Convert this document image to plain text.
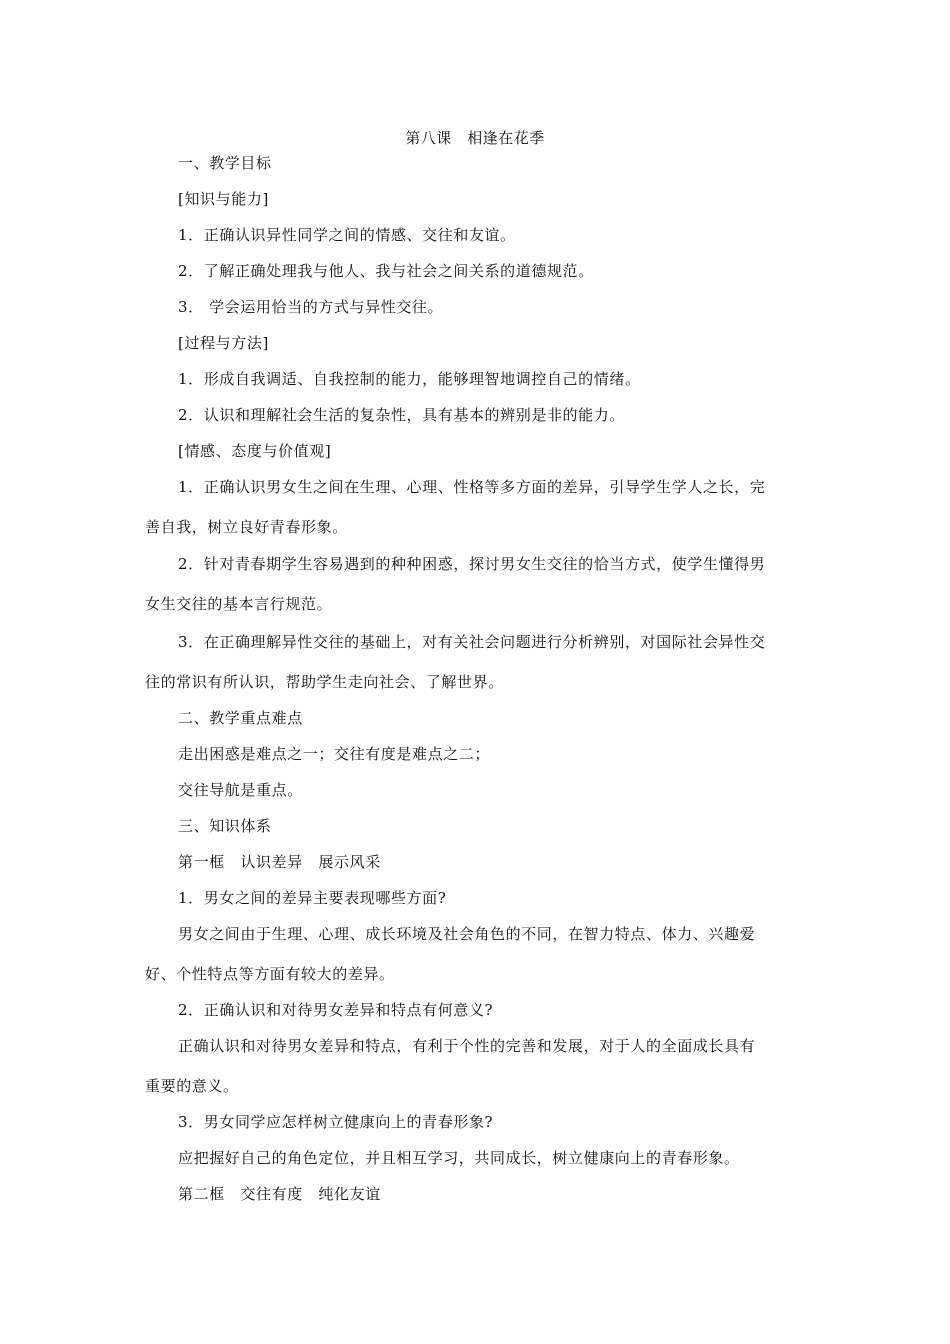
第八课　相逢在花季
一、教学目标
[知识与能力]
1．正确认识异性同学之间的情感、交往和友谊。
2．了解正确处理我与他人、我与社会之间关系的道德规范。
3． 学会运用恰当的方式与异性交往。
[过程与方法]
1．形成自我调适、自我控制的能力，能够理智地调控自己的情绪。
2．认识和理解社会生活的复杂性，具有基本的辨别是非的能力。
[情感、态度与价值观]
1．正确认识男女生之间在生理、心理、性格等多方面的差异，引导学生学人之长，完
善自我，树立良好青春形象。
2．针对青春期学生容易遇到的种种困惑，探讨男女生交往的恰当方式，使学生懂得男
女生交往的基本言行规范。
3．在正确理解异性交往的基础上，对有关社会问题进行分析辨别，对国际社会异性交
往的常识有所认识，帮助学生走向社会、了解世界。
二、教学重点难点
走出困惑是难点之一；交往有度是难点之二；
交往导航是重点。
三、知识体系
第一框　认识差异　展示风采
1．男女之间的差异主要表现哪些方面?
男女之间由于生理、心理、成长环境及社会角色的不同，在智力特点、体力、兴趣爱
好、个性特点等方面有较大的差异。
2．正确认识和对待男女差异和特点有何意义?
正确认识和对待男女差异和特点，有利于个性的完善和发展，对于人的全面成长具有
重要的意义。
3．男女同学应怎样树立健康向上的青春形象?
应把握好自己的角色定位，并且相互学习，共同成长，树立健康向上的青春形象。
第二框　交往有度　纯化友谊
